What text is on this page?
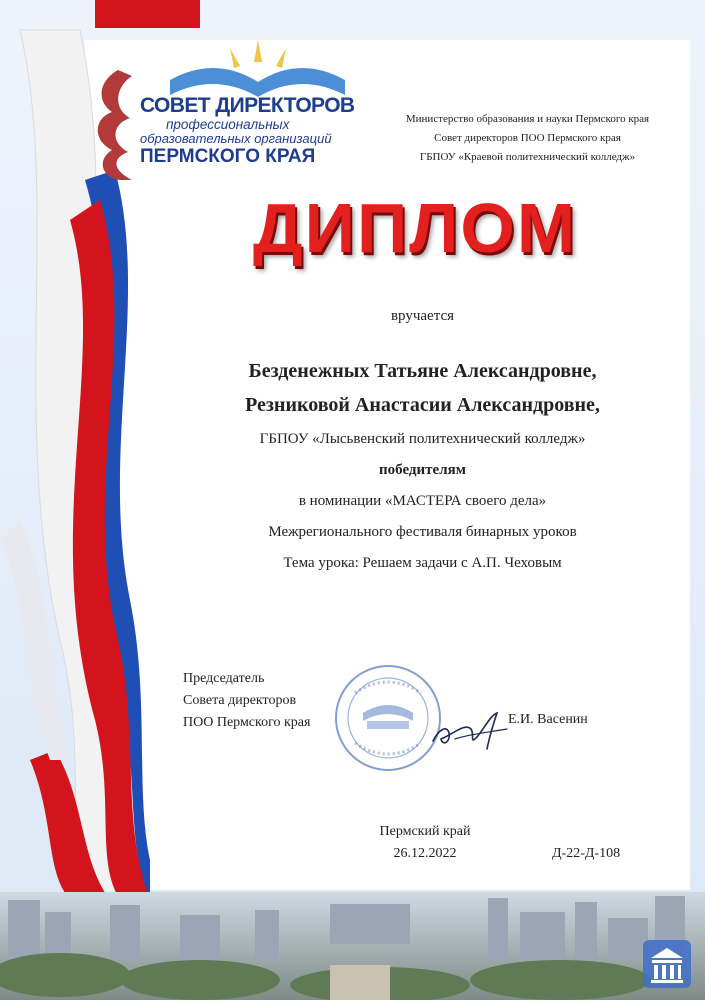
СОВЕТ ДИРЕКТОРОВ
профессиональных
образовательных организаций
ПЕРМСКОГО КРАЯ
Министерство образования и науки Пермского края
Совет директоров ПОО Пермского края
ГБПОУ «Краевой политехнический колледж»
ДИПЛОМ
вручается
Безденежных Татьяне Александровне,
Резниковой Анастасии Александровне,
ГБПОУ «Лысьвенский политехнический колледж»
победителям
в номинации «МАСТЕРА своего дела»
Межрегионального фестиваля бинарных уроков
Тема урока: Решаем задачи с А.П. Чеховым
Председатель
Совета директоров
ПОО Пермского края	Е.И. Васенин
Пермский край
26.12.2022	Д-22-Д-108
